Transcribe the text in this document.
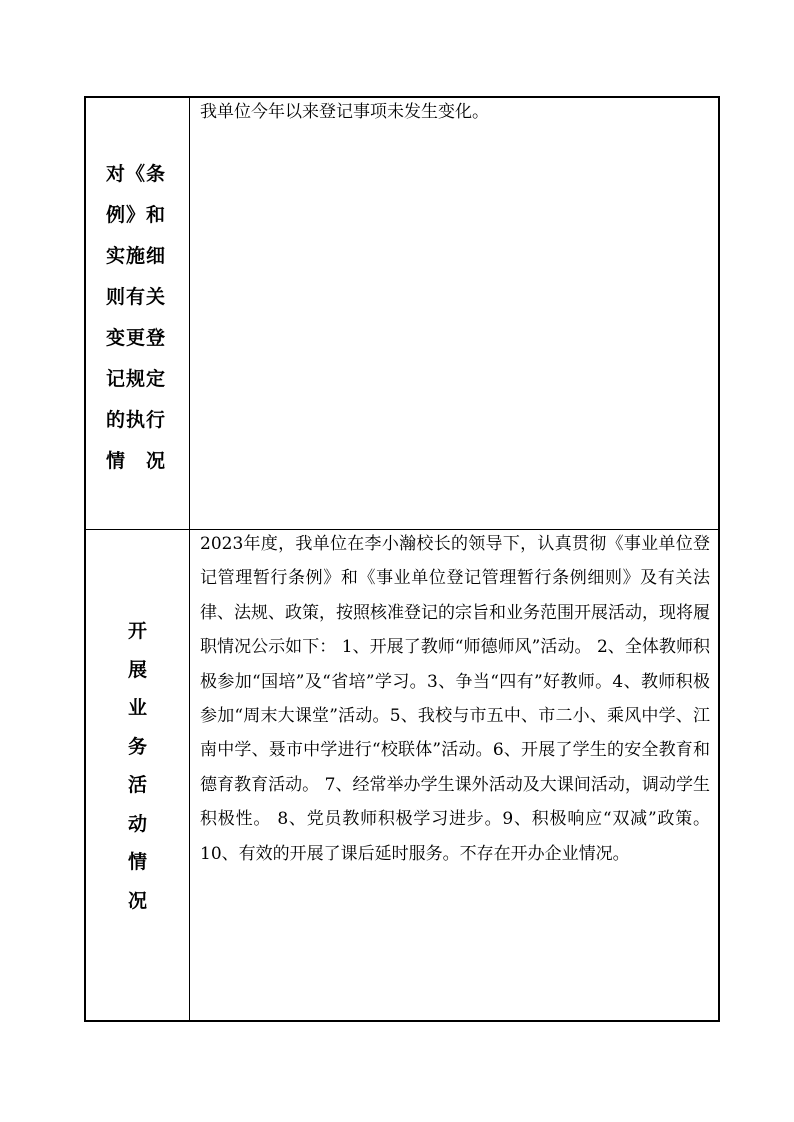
对《条
例》和
实施细
则有关
变更登
记规定
的执行
情　况
我单位今年以来登记事项未发生变化。
开
展
业
务
活
动
情
况
2023年度，我单位在李小瀚校长的领导下，认真贯彻《事业单位登记管理暂行条例》和《事业单位登记管理暂行条例细则》及有关法律、法规、政策，按照核准登记的宗旨和业务范围开展活动，现将履职情况公示如下： 1、开展了教师“师德师风”活动。 2、全体教师积极参加“国培”及“省培”学习。3、争当“四有”好教师。4、教师积极参加“周末大课堂”活动。5、我校与市五中、市二小、乘风中学、江南中学、聂市中学进行“校联体”活动。6、开展了学生的安全教育和德育教育活动。 7、经常举办学生课外活动及大课间活动，调动学生积极性。 8、党员教师积极学习进步。9、积极响应“双减”政策。10、有效的开展了课后延时服务。不存在开办企业情况。
